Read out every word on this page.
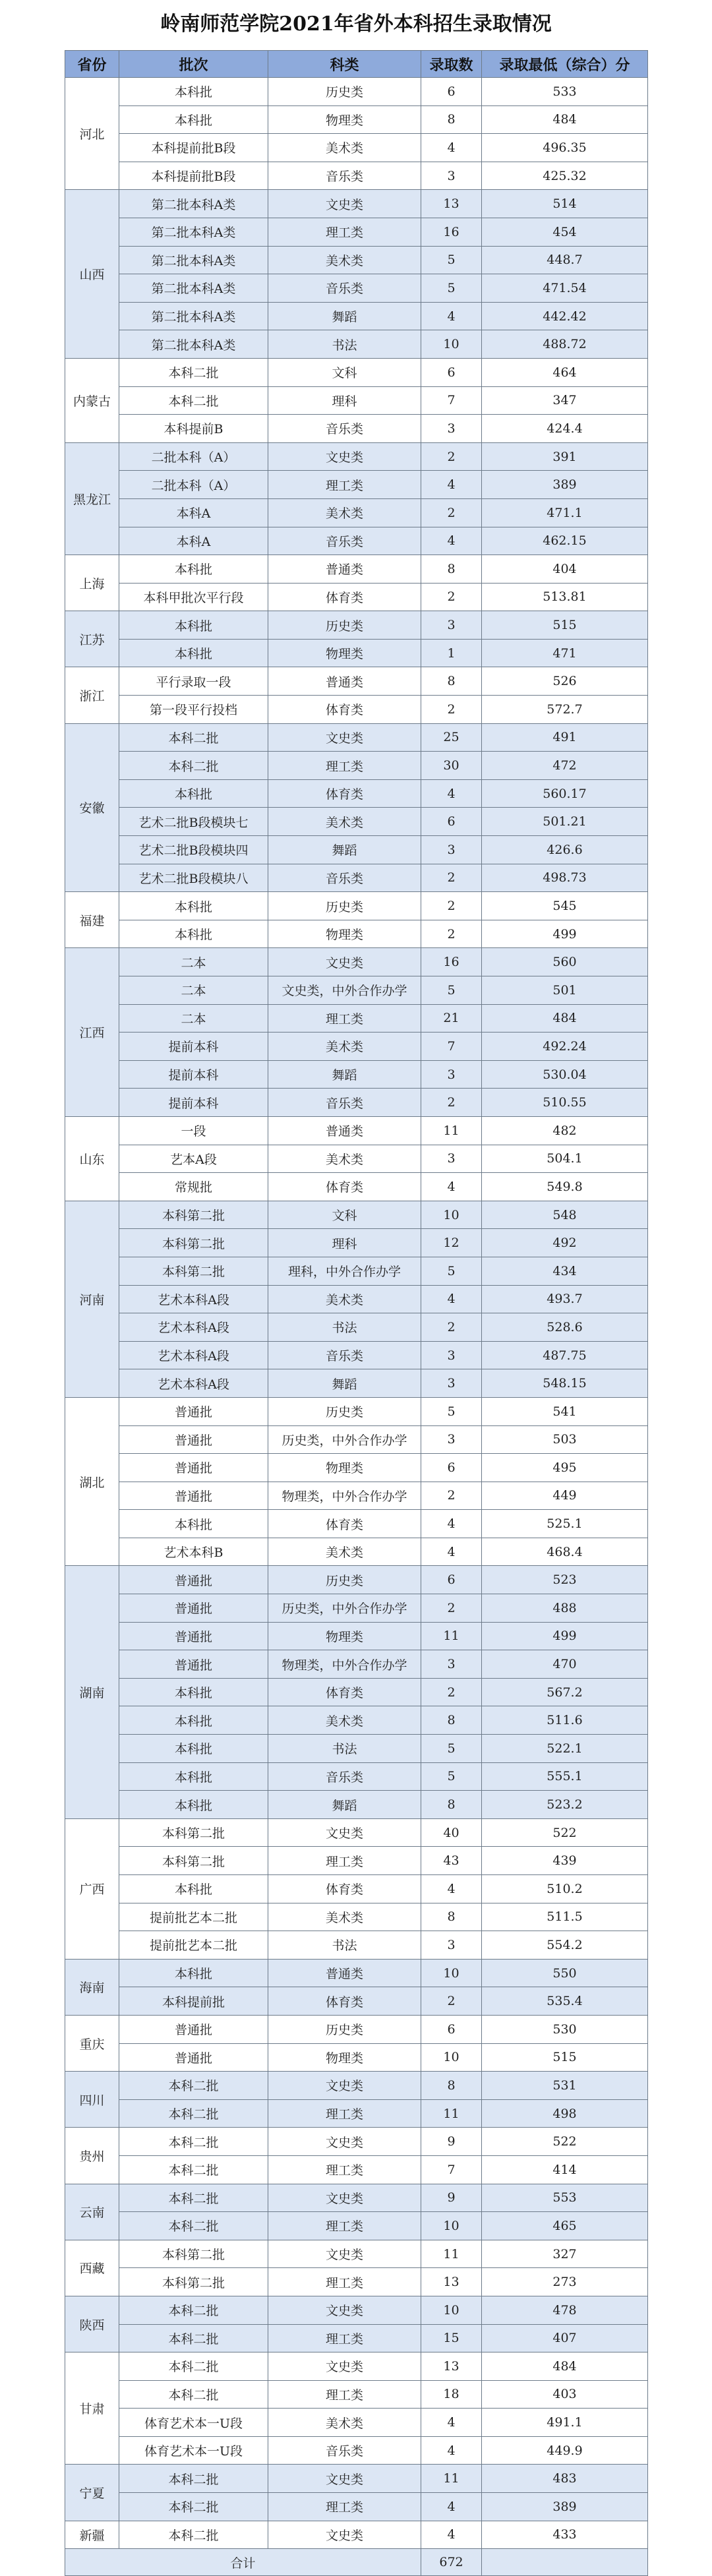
岭南师范学院2021年省外本科招生录取情况
省份	批次	科类	录取数	录取最低（综合）分
河北	本科批	历史类	6	533
	本科批	物理类	8	484
	本科提前批B段	美术类	4	496.35
	本科提前批B段	音乐类	3	425.32
山西	第二批本科A类	文史类	13	514
	第二批本科A类	理工类	16	454
	第二批本科A类	美术类	5	448.7
	第二批本科A类	音乐类	5	471.54
	第二批本科A类	舞蹈	4	442.42
	第二批本科A类	书法	10	488.72
内蒙古	本科二批	文科	6	464
	本科二批	理科	7	347
	本科提前B	音乐类	3	424.4
黑龙江	二批本科（A）	文史类	2	391
	二批本科（A）	理工类	4	389
	本科A	美术类	2	471.1
	本科A	音乐类	4	462.15
上海	本科批	普通类	8	404
	本科甲批次平行段	体育类	2	513.81
江苏	本科批	历史类	3	515
	本科批	物理类	1	471
浙江	平行录取一段	普通类	8	526
	第一段平行投档	体育类	2	572.7
安徽	本科二批	文史类	25	491
	本科二批	理工类	30	472
	本科批	体育类	4	560.17
	艺术二批B段模块七	美术类	6	501.21
	艺术二批B段模块四	舞蹈	3	426.6
	艺术二批B段模块八	音乐类	2	498.73
福建	本科批	历史类	2	545
	本科批	物理类	2	499
江西	二本	文史类	16	560
	二本	文史类，中外合作办学	5	501
	二本	理工类	21	484
	提前本科	美术类	7	492.24
	提前本科	舞蹈	3	530.04
	提前本科	音乐类	2	510.55
山东	一段	普通类	11	482
	艺本A段	美术类	3	504.1
	常规批	体育类	4	549.8
河南	本科第二批	文科	10	548
	本科第二批	理科	12	492
	本科第二批	理科，中外合作办学	5	434
	艺术本科A段	美术类	4	493.7
	艺术本科A段	书法	2	528.6
	艺术本科A段	音乐类	3	487.75
	艺术本科A段	舞蹈	3	548.15
湖北	普通批	历史类	5	541
	普通批	历史类，中外合作办学	3	503
	普通批	物理类	6	495
	普通批	物理类，中外合作办学	2	449
	本科批	体育类	4	525.1
	艺术本科B	美术类	4	468.4
湖南	普通批	历史类	6	523
	普通批	历史类，中外合作办学	2	488
	普通批	物理类	11	499
	普通批	物理类，中外合作办学	3	470
	本科批	体育类	2	567.2
	本科批	美术类	8	511.6
	本科批	书法	5	522.1
	本科批	音乐类	5	555.1
	本科批	舞蹈	8	523.2
广西	本科第二批	文史类	40	522
	本科第二批	理工类	43	439
	本科批	体育类	4	510.2
	提前批艺本二批	美术类	8	511.5
	提前批艺本二批	书法	3	554.2
海南	本科批	普通类	10	550
	本科提前批	体育类	2	535.4
重庆	普通批	历史类	6	530
	普通批	物理类	10	515
四川	本科二批	文史类	8	531
	本科二批	理工类	11	498
贵州	本科二批	文史类	9	522
	本科二批	理工类	7	414
云南	本科二批	文史类	9	553
	本科二批	理工类	10	465
西藏	本科第二批	文史类	11	327
	本科第二批	理工类	13	273
陕西	本科二批	文史类	10	478
	本科二批	理工类	15	407
甘肃	本科二批	文史类	13	484
	本科二批	理工类	18	403
	体育艺术本一U段	美术类	4	491.1
	体育艺术本一U段	音乐类	4	449.9
宁夏	本科二批	文史类	11	483
	本科二批	理工类	4	389
新疆	本科二批	文史类	4	433
合计			672	
